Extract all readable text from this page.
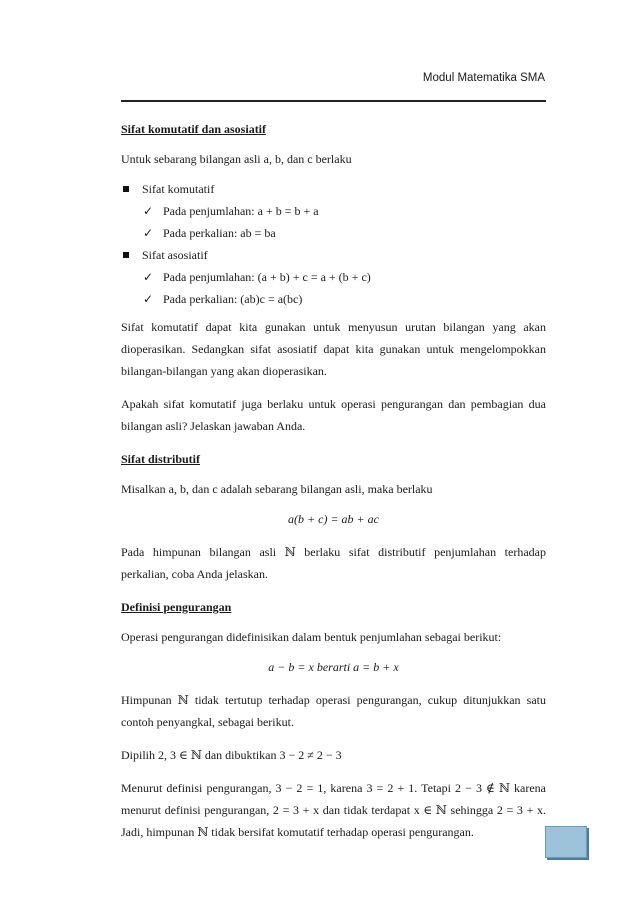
Modul Matematika SMA

Sifat komutatif dan asosiatif

Untuk sebarang bilangan asli a, b, dan c berlaku

Sifat komutatif
✓ Pada penjumlahan: a + b = b + a
✓ Pada perkalian: ab = ba
Sifat asosiatif
✓ Pada penjumlahan: (a + b) + c = a + (b + c)
✓ Pada perkalian: (ab)c = a(bc)

Sifat komutatif dapat kita gunakan untuk menyusun urutan bilangan yang akan dioperasikan. Sedangkan sifat asosiatif dapat kita gunakan untuk mengelompokkan bilangan-bilangan yang akan dioperasikan.

Apakah sifat komutatif juga berlaku untuk operasi pengurangan dan pembagian dua bilangan asli? Jelaskan jawaban Anda.

Sifat distributif

Misalkan a, b, dan c adalah sebarang bilangan asli, maka berlaku

a(b + c) = ab + ac

Pada himpunan bilangan asli ℕ berlaku sifat distributif penjumlahan terhadap perkalian, coba Anda jelaskan.

Definisi pengurangan

Operasi pengurangan didefinisikan dalam bentuk penjumlahan sebagai berikut:

a − b = x berarti a = b + x

Himpunan ℕ tidak tertutup terhadap operasi pengurangan, cukup ditunjukkan satu contoh penyangkal, sebagai berikut.

Dipilih 2, 3 ∈ ℕ dan dibuktikan 3 − 2 ≠ 2 − 3

Menurut definisi pengurangan, 3 − 2 = 1, karena 3 = 2 + 1. Tetapi 2 − 3 ∉ ℕ karena menurut definisi pengurangan, 2 = 3 + x dan tidak terdapat x ∈ ℕ sehingga 2 = 3 + x. Jadi, himpunan ℕ tidak bersifat komutatif terhadap operasi pengurangan.
